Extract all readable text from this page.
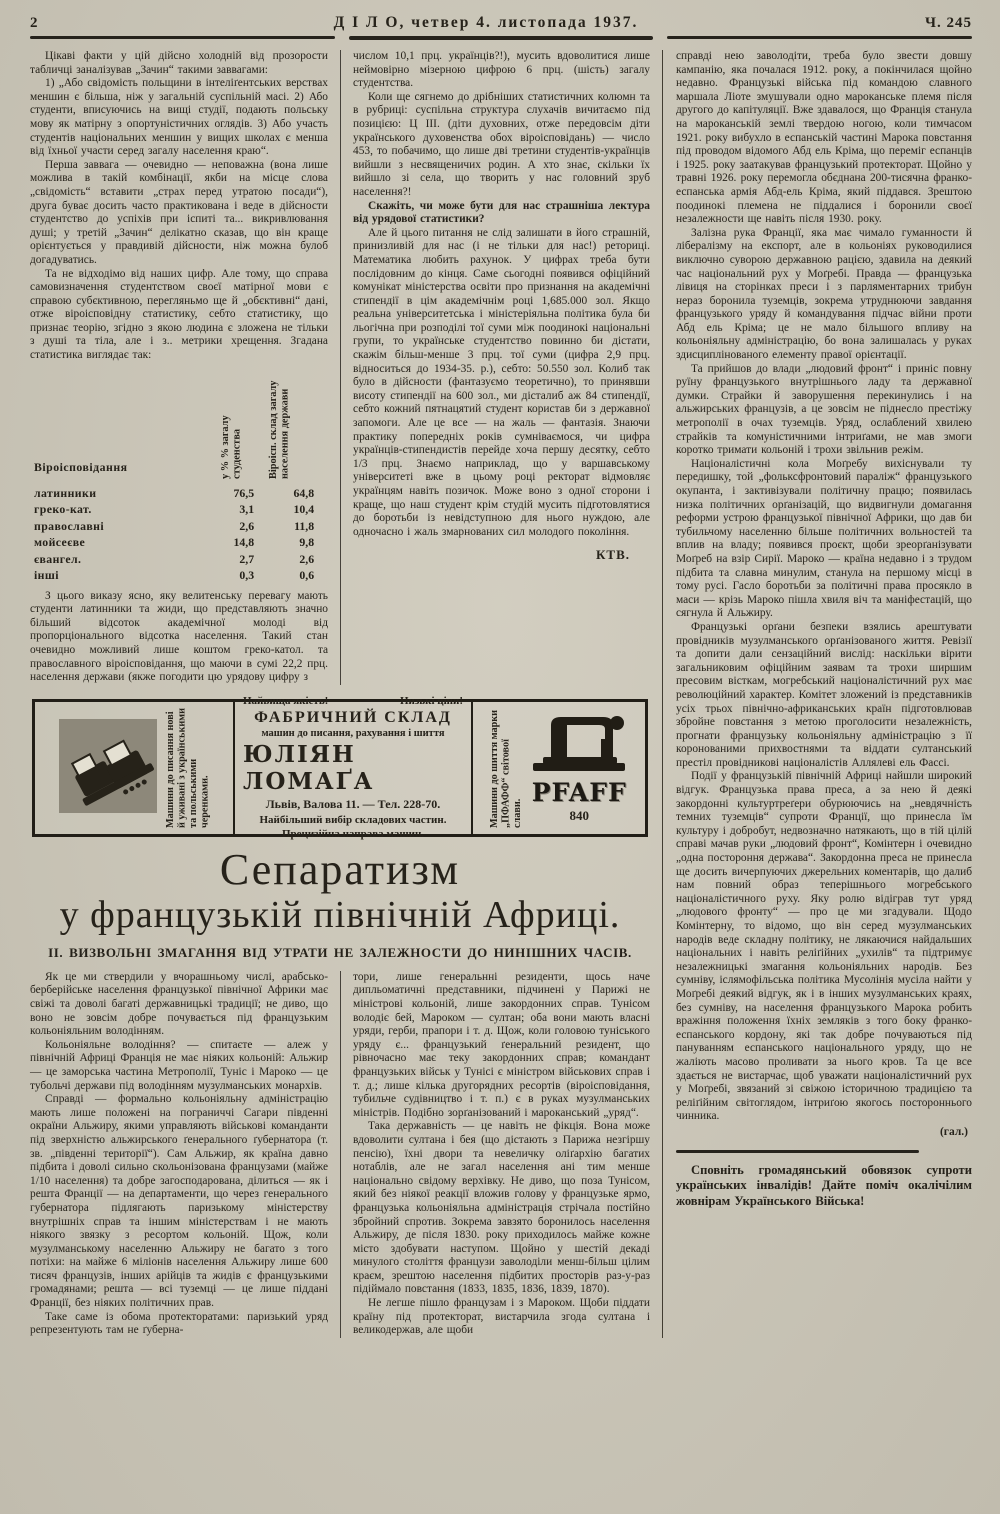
2	Д І Л О, четвер 4. листопада 1937.	Ч. 245

Цікаві факти у цій дійсно холодній від прозорости табличці заналізував „Зачин“ такими заввагами:

1) „Або свідомість польщини в інтеліґентських верствах меншин є більша, ніж у загальній суспільній масі. 2) Або студенти, вписуючись на вищі студії, подають польську мову як матірну з опортуністичних оглядів. 3) Або участь студентів національних меншин у вищих школах є менша від їхньої участи серед загалу населення краю“.

Перша заввага — очевидно — неповажна (вона лише можлива в такій комбінації, якби на місце слова „свідомість“ вставити „страх перед утратою посади“), друга буває досить часто практикована і веде в дійсности студентство до успіхів при іспиті та... викривлювання душі; у третій „Зачин“ делікатно сказав, що він краще орієнтується у правдивій дійсности, ніж можна булоб догадуватись.

Та не відходімо від наших цифр. Але тому, що справа самовизначення студентством своєї матірної мови є справою субєктивною, перегляньмо ще й „обєктивні“ дані, отже віроісповідну статистику, себто статистику, що признає теорію, згідно з якою людина є зложена не тільки з душі та тіла, але і з.. метрики хрещення. Згадана статистика виглядає так:

Віроісповідання	у % % загалу студенства	Віроісп. склад загалу населення держави
латинники	76,5	64,8
греко-кат.	3,1	10,4
православні	2,6	11,8
мойсеєве	14,8	9,8
євангел.	2,7	2,6
інші	0,3	0,6

З цього виказу ясно, яку велитенську перевагу мають студенти латинники та жиди, що представляють значно більший відсоток академічної молоді від пропорціонального відсотка населення. Такий стан очевидно можливий лише коштом греко-катол. та православного віроісповідання, що маючи в сумі 22,2 прц. населення держави (якже погодити цю урядову цифру з

числом 10,1 прц. українців?!), мусить вдоволитися лише неймовірно мізерною цифрою 6 прц. (шість) загалу студентства.

Коли ще сягнемо до дрібніших статистичних колюмн та в рубриці: суспільна структура слухачів вичитаємо під позицією: Ц III. (діти духовних, отже передовсім діти українського духовенства обох віроісповідань) — число 453, то побачимо, що лише дві третини студентів-українців вийшли з несвященичих родин. А хто знає, скільки їх вийшло зі села, що творить у нас головний зруб населення?!

Скажіть, чи може бути для нас страшніша лектура від урядової статистики?

Але й цього питання не слід залишати в його страшній, принизливій для нас (і не тільки для нас!) реториці. Математика любить рахунок. У цифрах треба бути послідовним до кінця. Саме сьогодні появився офіційний комунікат міністерства освіти про признання на академічні стипендії в цім академічнім році 1,685.000 зол. Якщо реальна університетська і міністеріяльна політика була би льогічна при розподілі тої суми між поодинокі національні групи, то українське студентство повинно би дістати, скажім більш-менше 3 прц. тої суми (цифра 2,9 прц. відноситься до 1934-35. р.), себто: 50.550 зол. Колиб так було в дійсности (фантазуємо теоретично), то принявши висоту стипендії на 600 зол., ми дісталиб аж 84 стипендії, себто кожний пятнацятий студент користав би з державної запомоги. Але це все — на жаль — фантазія. Знаючи практику попередніх років сумніваємося, чи цифра українців-стипендистів перейде хоча першу десятку, себто 1/3 прц. Знаємо наприклад, що у варшавському університеті вже в цьому році ректорат відмовляє українцям навіть позичок. Може воно з одної сторони і краще, що наш студент крім студій мусить підготовлятися до боротьби із невідступною для нього нуждою, але одночасно і жаль змарнованих сил молодого покоління.

КТВ.
Машини до писання нові й уживані з українськими та польськими черенками.
Найвища якість!	Низькі ціни!
ФАБРИЧНИЙ СКЛАД
машин до писання, рахування і шиття
ЮЛІЯН ЛОМАҐА
Львів, Валова 11. — Тел. 228-70.
Найбільший вибір складових частин.
Прецизійна направа машин.
Машини до шиття марки „ПФАФФ“ світової слави.
PFAFF
840
Сепаратизм
у французькій північній Африці.
ІІ. ВИЗВОЛЬНІ ЗМАГАННЯ ВІД УТРАТИ НЕ ЗАЛЕЖНОСТИ ДО НИНІШНИХ ЧАСІВ.

Як це ми ствердили у вчорашньому числі, арабсько-берберійське населення французької північної Африки має свіжі та доволі багаті державницькі традиції; не диво, що воно не зовсім добре почувається під французьким кольоніяльним володінням.

Кольоніяльне володіння? — спитаєте — алеж у північній Африці Франція не має ніяких кольоній: Альжир — це заморська частина Метрополії, Туніс і Мароко — це тубольчі держави під володінням музулманських монархів.

Справді — формально кольоніяльну адміністрацію мають лише положені на пограниччі Сагари південні окраїни Альжиру, якими управляють військові команданти під зверхністю альжирського ґенерального ґубернатора (т. зв. „південні території“). Сам Альжир, як країна давно підбита і доволі сильно скольонізована французами (майже 1/10 населення) та добре загосподарована, ділиться — як і решта Франції — на департаменти, що через генерального губернатора підлягають паризькому міністерству внутрішніх справ та іншим міністерствам і не мають ніякого звязку з ресортом кольоній. Щож, коли музулманському населенню Альжиру не багато з того потіхи: на майже 6 міліонів населення Альжиру лише 600 тисяч французів, інших арійців та жидів є французькими громадянами; решта — всі туземці — це лише піддані Франції, без ніяких політичних прав.

Таке саме із обома протекторатами: паризький уряд репрезентують там не ґуберна-

тори, лише генеральнні резиденти, щось наче дипльоматичні представники, підчинені у Парижі не міністрові кольоній, лише закордонних справ. Тунісом володіє бей, Мароком — султан; оба вони мають власні уряди, герби, прапори і т. д. Щож, коли головою туніського уряду є... французький ґенеральний резидент, що рівночасно має теку закордонних справ; командант французьких військ у Тунісі є міністром військових справ і т. д.; лише кілька другорядних ресортів (віроісповідання, тубильче судівництво і т. п.) є в руках музулманських міністрів. Подібно зорґанізований і мароканський „уряд“.

Така державність — це навіть не фікція. Вона може вдоволити султана і бея (що дістають з Парижа незгіршу пенсію), їхні двори та невеличку оліґархію багатих нотаблів, але не загал населення ані тим менше національно свідому верхівку. Не диво, що поза Тунісом, який без ніякої реакції вложив голову у французьке ярмо, французька кольоніяльна адміністрація стрічала постійно збройний спротив. Зокрема завзято боронилось населення Альжиру, де після 1830. року приходилось майже кожне місто здобувати наступом. Щойно у шестій декаді минулого століття французи заволоділи менш-більш цілим краєм, зрештою населення підбитих просторів раз-у-раз підіймало повстання (1833, 1835, 1836, 1839, 1870).

Не легше пішло французам і з Мароком. Щоби піддати країну під протекторат, вистарчила згода султана і великодержав, але щоби

справді нею заволодіти, треба було звести довшу кампанію, яка почалася 1912. року, а покінчилася щойно недавно. Французькі війська під командою славного маршала Ліоте змушували одно мароканське племя після другого до капітуляції. Вже здавалося, що Франція станула на мароканській землі твердою ногою, коли тимчасом 1921. року вибухло в еспанській частині Марока повстання під проводом відомого Абд ель Кріма, що переміг еспанців і 1925. року заатакував французький протекторат. Щойно у травні 1926. року перемогла обєднана 200-тисячна франко-еспанська армія Абд-ель Кріма, який піддався. Зрештою поодинокі племена не піддалися і боронили своєї незалежности ще навіть після 1930. року.

Залізна рука Франції, яка має чимало гуманности й лібералізму на експорт, але в кольоніях руководилися виключно суворою державною рацією, здавила на деякий час національний рух у Моґребі. Правда — французька лівиця на сторінках преси і з парляментарних трибун нераз боронила туземців, зокрема утруднюючи завдання французького уряду й командування підчас війни проти Абд ель Кріма; це не мало більшого впливу на кольоніяльну адміністрацію, бо вона залишалась у руках здисциплінованого елементу правої орієнтації.

Та прийшов до влади „людовий фронт“ і приніс повну руїну французького внутрішнього ладу та державної думки. Страйки й заворушення перекинулись і на альжирських французів, а це зовсім не піднесло престіжу метрополії в очах туземців. Уряд, ослаблений хвилею страйків та комуністичними інтриґами, не мав змоги коротко тримати кольоній і трохи звільнив режім.

Націоналістичні кола Моґребу вихіснували ту передишку, той „фольксфронтовий параліж“ французького окупанта, і зактивізували політичну працю; появилась низка політичних орґанізацій, що видвигнули домагання реформи устрою французької північної Африки, що дав би тубильчому населенню більше політичних вольностей та вплив на владу; появився проєкт, щоби зреорґанізувати Моґреб на взір Сирії. Мароко — країна недавно і з трудом підбита та славна минулим, станула на першому місці в тому русі. Гасло боротьби за політичні права просякло в маси — крізь Мароко пішла хвиля віч та маніфестацій, що сягнула й Альжиру.

Французькі орґани безпеки взялись арештувати провідників музулманського орґанізованого життя. Ревізії та допити дали сензаційний вислід: наскільки вірити загальниковим офіційним заявам та трохи ширшим пресовим вісткам, могребський націоналістичний рух має революційний характер. Комітет зложений із представників усіх трьох північно-африканських країн підготовлював збройне повстання з метою проголосити незалежність, прогнати французьку кольоніяльну адміністрацію з її коронованими прихвостнями та віддати султанський престіл провідникові націоналістів Аллялеві ель Фассі.

Події у французькій північній Африці найшли широкий відгук. Французька права преса, а за нею й деякі закордонні культуртреґери обурюючись на „невдячність темних туземців“ супроти Франції, що принесла їм культуру і добробут, недвозначно натякають, що в тій цілій справі мачав руки „людовий фронт“, Комінтерн і очевидно „одна постороння держава“. Закордонна преса не принесла ще досить вичерпуючих джерельних коментарів, що далиб нам повний образ теперішнього могребського націоналістичного руху. Яку ролю відіграв тут уряд „людового фронту“ — про це ми згадували. Щодо Комінтерну, то відомо, що він серед музулманських народів веде складну політику, не лякаючися найдальших національних і навіть реліґійних „ухилів“ та підтримує незалежницькі змагання кольоніяльних народів. Без сумніву, іслямофільська політика Мусолінія мусіла найти у Моґребі деякий відгук, як і в інших музулманських краях, без сумніву, на населення французького Марока робить вражіння положення їхніх земляків з того боку франко-еспанського кордону, які так добре почуваються під пануванням еспанського національного уряду, що не жаліють масово проливати за нього кров. Та це все здається не вистарчає, щоб уважати націоналістичний рух у Моґребі, звязаний зі свіжою історичною традицією та реліґійним світоглядом, інтриґою якогось постороннього чинника.

(гал.)

Сповніть громадянський обовязок супроти українських інвалідів! Дайте поміч окалічілим жовнірам Українського Війська!
